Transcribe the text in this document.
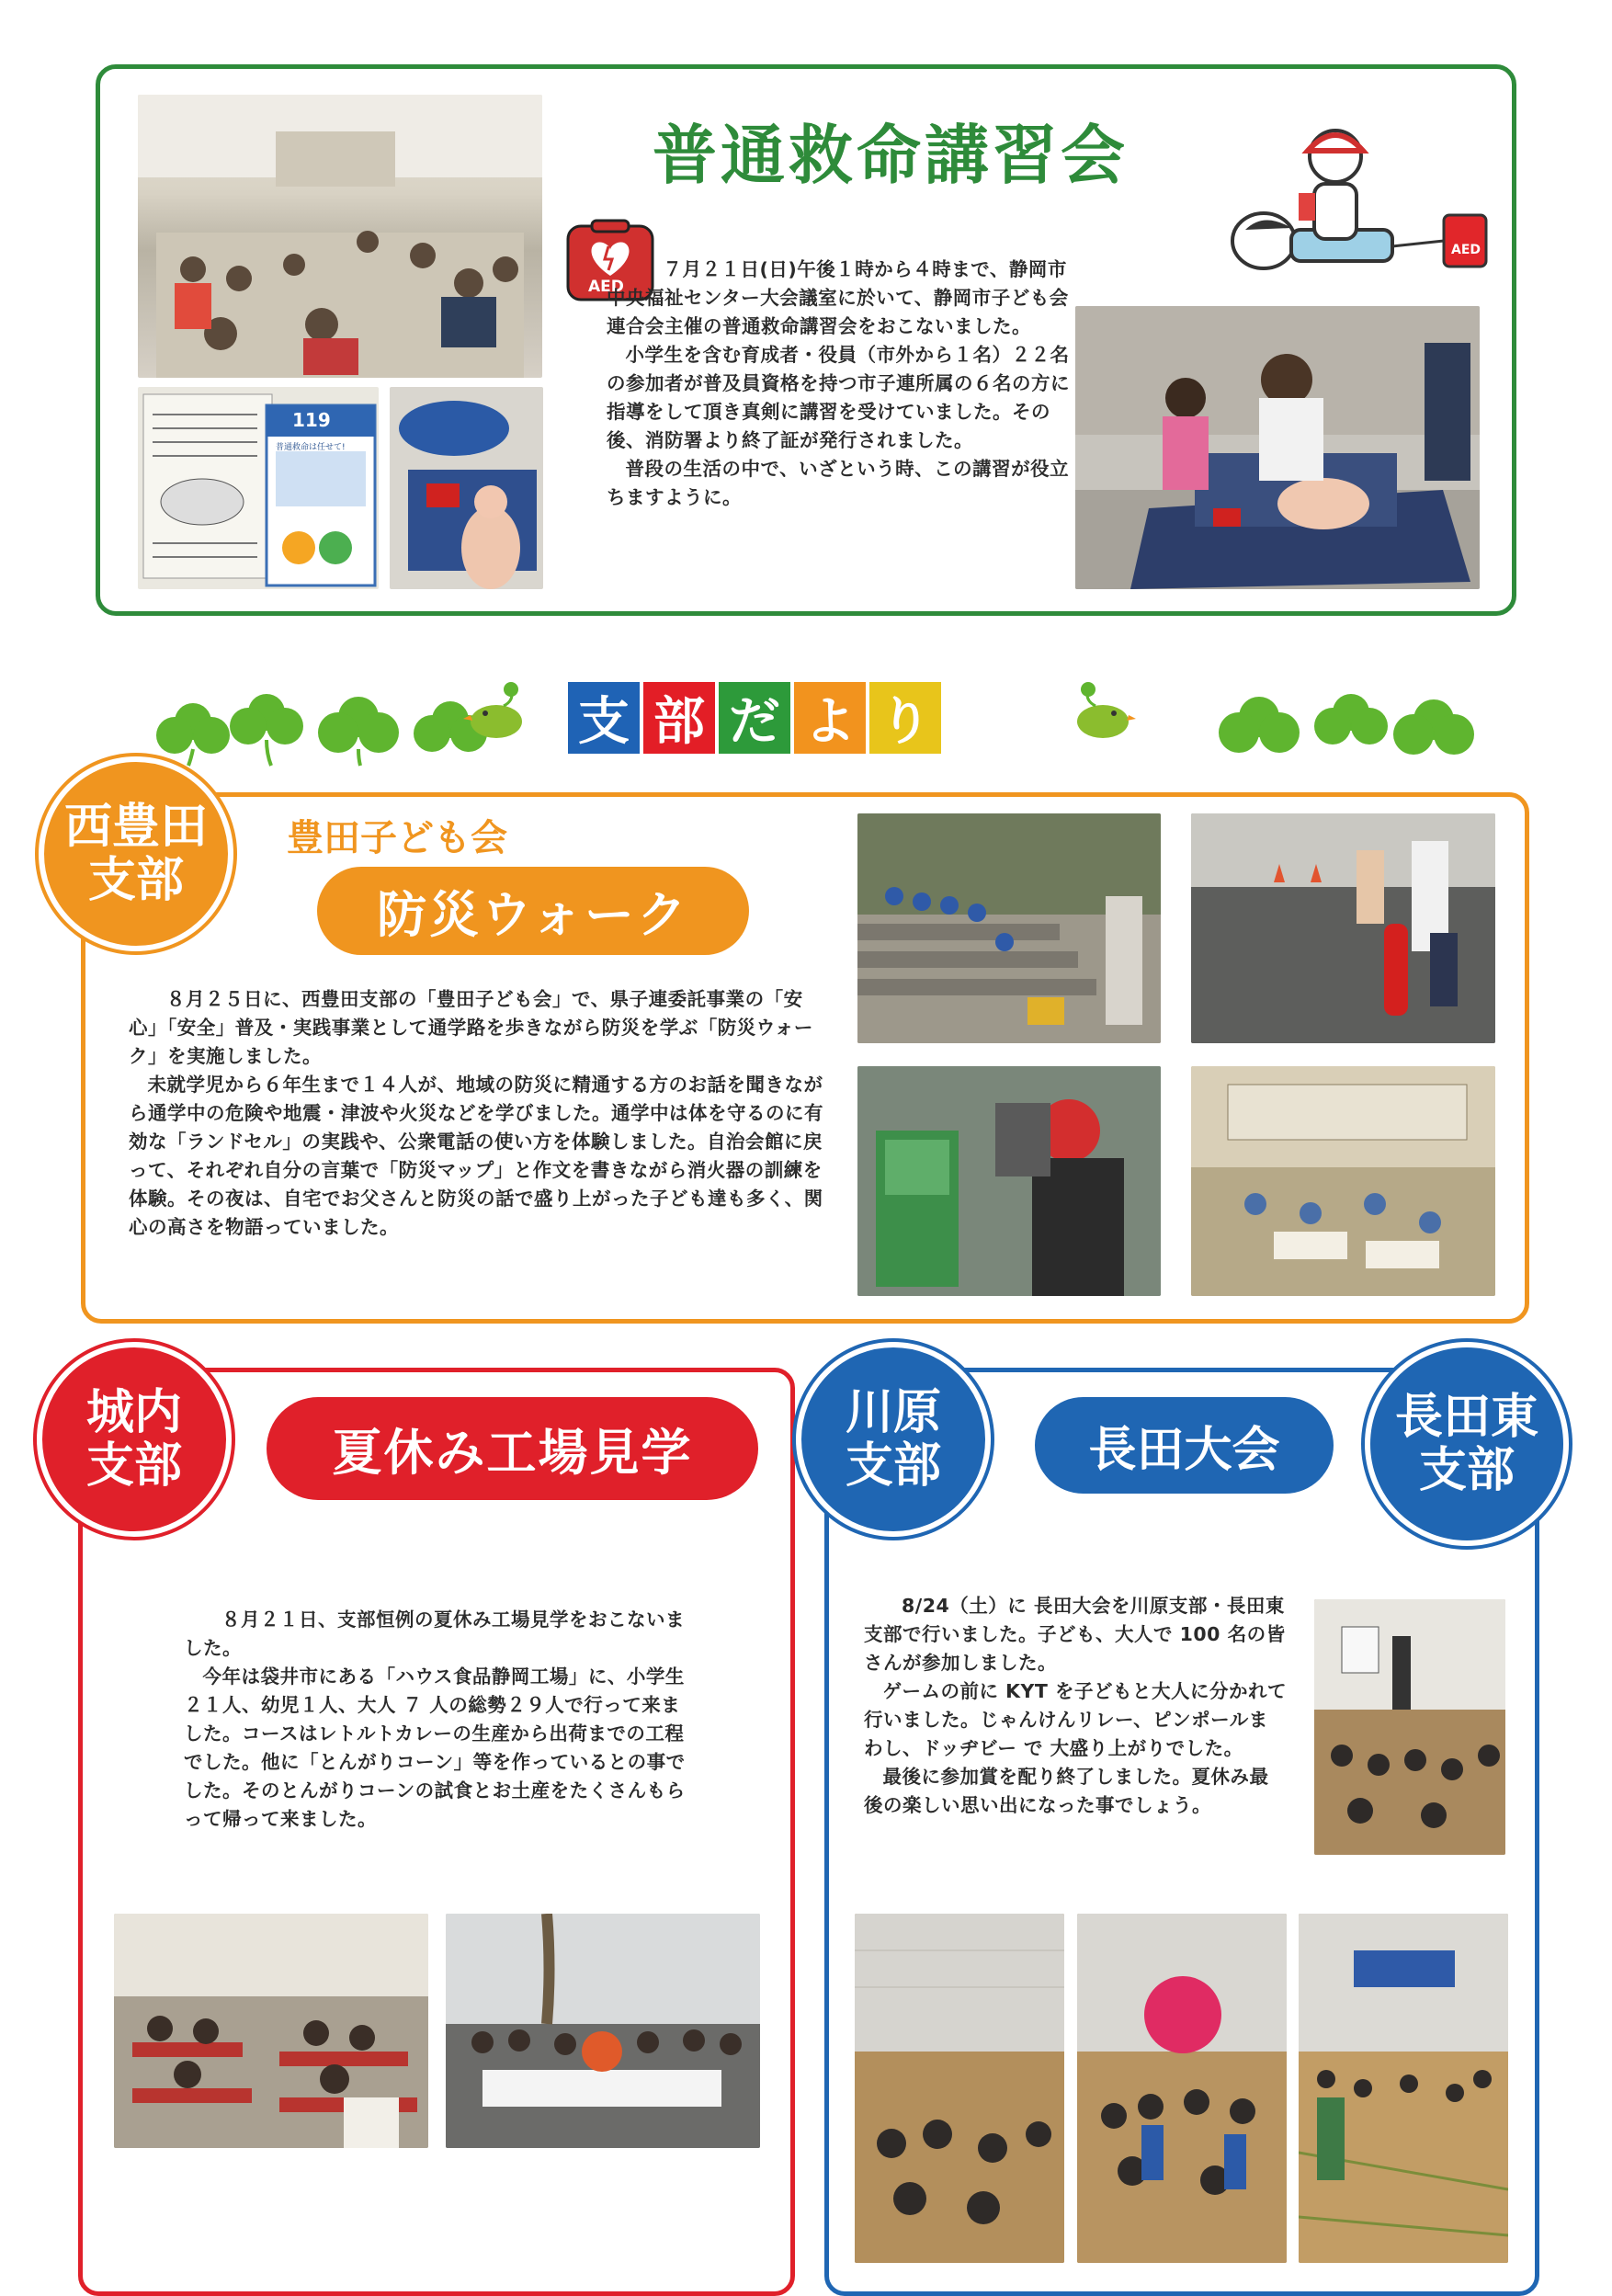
119
普通救命は任せて!
AED
普通救命講習会
AED

７月２１日(日)午後１時から４時まで、静岡市中央福祉センター大会議室に於いて、静岡市子ども会連合会主催の普通救命講習会をおこないました。

小学生を含む育成者・役員（市外から１名）２２名の参加者が普及員資格を持つ市子連所属の６名の方に指導をして頂き真剣に講習を受けていました。その後、消防署より終了証が発行されました。

普段の生活の中で、いざという時、この講習が役立ちますように。

支 部 だ よ り
西豊田
支部
豊田子ども会
防災ウォーク

８月２５日に、西豊田支部の「豊田子ども会」で、県子連委託事業の「安心」「安全」普及・実践事業として通学路を歩きながら防災を学ぶ「防災ウォーク」を実施しました。

未就学児から６年生まで１４人が、地域の防災に精通する方のお話を聞きながら通学中の危険や地震・津波や火災などを学びました。通学中は体を守るのに有効な「ランドセル」の実践や、公衆電話の使い方を体験しました。自治会館に戻って、それぞれ自分の言葉で「防災マップ」と作文を書きながら消火器の訓練を体験。その夜は、自宅でお父さんと防災の話で盛り上がった子ども達も多く、関心の高さを物語っていました。

城内
支部	夏休み工場見学

８月２１日、支部恒例の夏休み工場見学をおこないました。

今年は袋井市にある「ハウス食品静岡工場」に、小学生２１人、幼児１人、大人 ７ 人の総勢２９人で行って来ました。コースはレトルトカレーの生産から出荷までの工程でした。他に「とんがりコーン」等を作っているとの事でした。そのとんがりコーンの試食とお土産をたくさんもらって帰って来ました。

川原
支部	長田大会
長田東
支部

8/24（土）に 長田大会を川原支部・長田東支部で行いました。子ども、大人で 100 名の皆さんが参加しました。

ゲームの前に KYT を子どもと大人に分かれて行いました。じゃんけんリレー、ピンポールまわし、ドッヂビー で 大盛り上がりでした。

最後に参加賞を配り終了しました。夏休み最後の楽しい思い出になった事でしょう。
